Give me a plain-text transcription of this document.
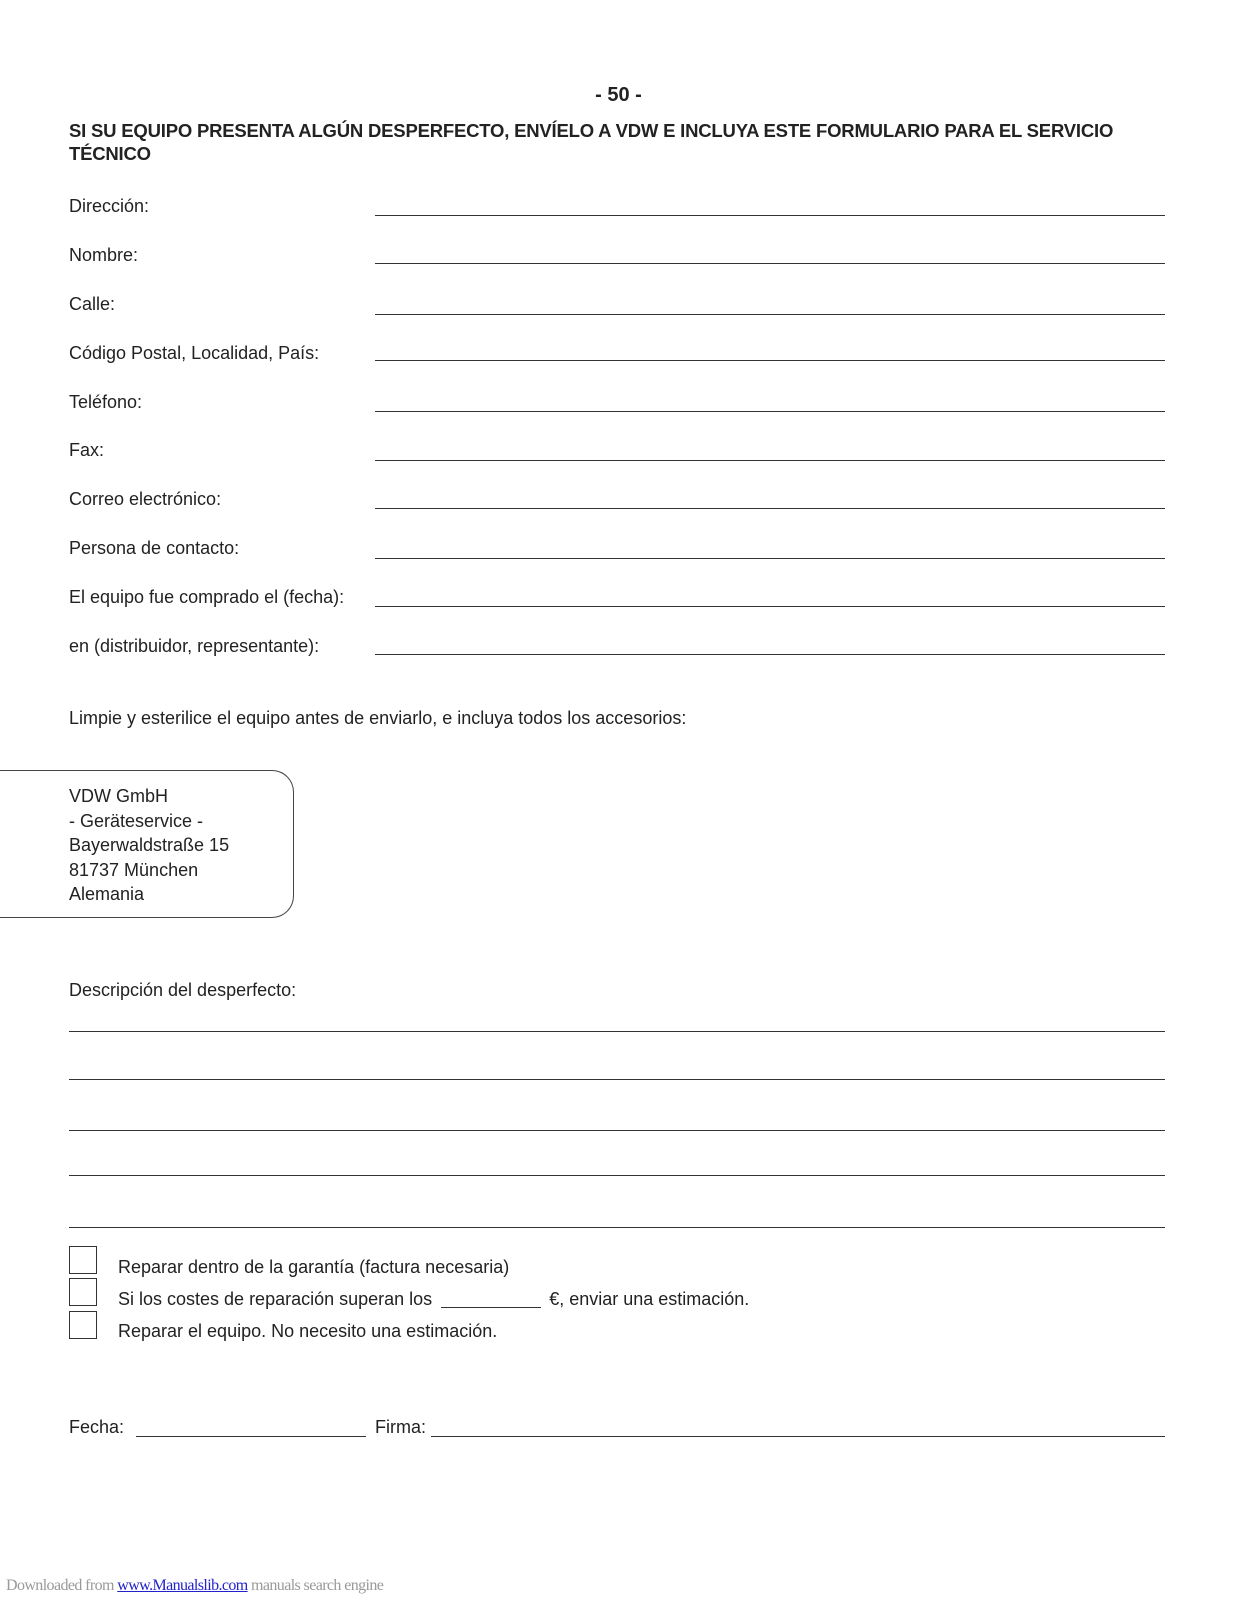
- 50 -
SI SU EQUIPO PRESENTA ALGÚN DESPERFECTO, ENVÍELO A VDW E INCLUYA ESTE FORMULARIO PARA EL SERVICIO TÉCNICO
Dirección:
Nombre:
Calle:
Código Postal, Localidad, País:
Teléfono:
Fax:
Correo electrónico:
Persona de contacto:
El equipo fue comprado el (fecha):
en (distribuidor, representante):
Limpie y esterilice el equipo antes de enviarlo, e incluya todos los accesorios:
VDW GmbH
- Geräteservice -
Bayerwaldstraße 15
81737 München
Alemania
Descripción del desperfecto:
Reparar dentro de la garantía (factura necesaria)
Si los costes de reparación superan los	€, enviar una estimación.
Reparar el equipo. No necesito una estimación.
Fecha:	Firma:
Downloaded from www.Manualslib.com manuals search engine
